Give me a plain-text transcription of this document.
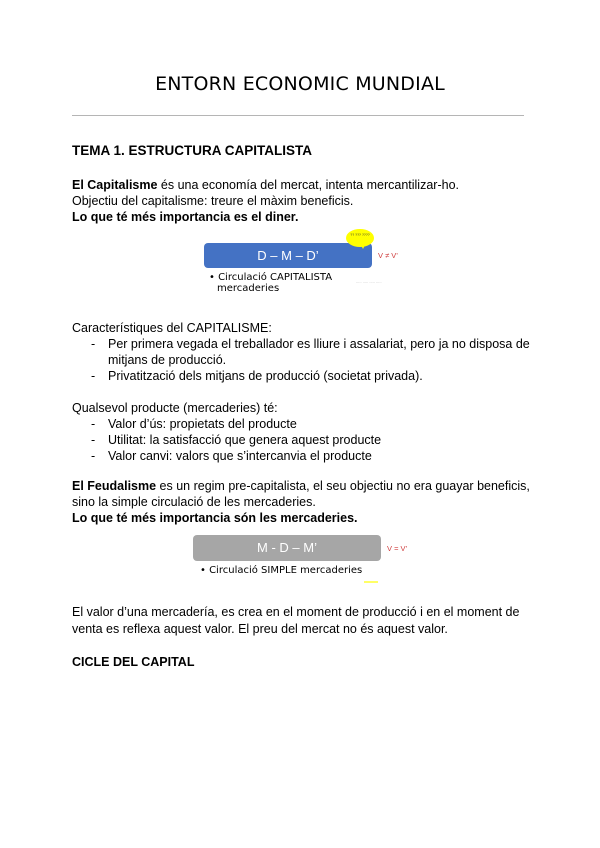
ENTORN ECONOMIC MUNDIAL
TEMA 1. ESTRUCTURA CAPITALISTA
El Capitalisme és una economía del mercat, intenta mercantilizar-ho.
Objectiu del capitalisme: treure el màxim beneficis.
Lo que té més importancia es el diner.
D – M – D’
?? ??? ????
V ≠ V’
• Circulació CAPITALISTA
mercaderies
..... ..... ..... .....
Característiques del CAPITALISME:
- Per primera vegada el treballador es lliure i assalariat, pero ja no disposa de
mitjans de producció.
- Privatització dels mitjans de producció (societat privada).
Qualsevol producte (mercaderies) té:
- Valor d’ús: propietats del producte
- Utilitat: la satisfacció que genera aquest producte
- Valor canvi: valors que s’intercanvia el producte
El Feudalisme es un regim pre-capitalista, el seu objectiu no era guayar beneficis,
sino la simple circulació de les mercaderies.
Lo que té més importancia són les mercaderies.
M - D – M’	V = V’
• Circulació SIMPLE mercaderies
El valor d’una mercadería, es crea en el moment de producció i en el moment de
venta es reflexa aquest valor. El preu del mercat no és aquest valor.
CICLE DEL CAPITAL
